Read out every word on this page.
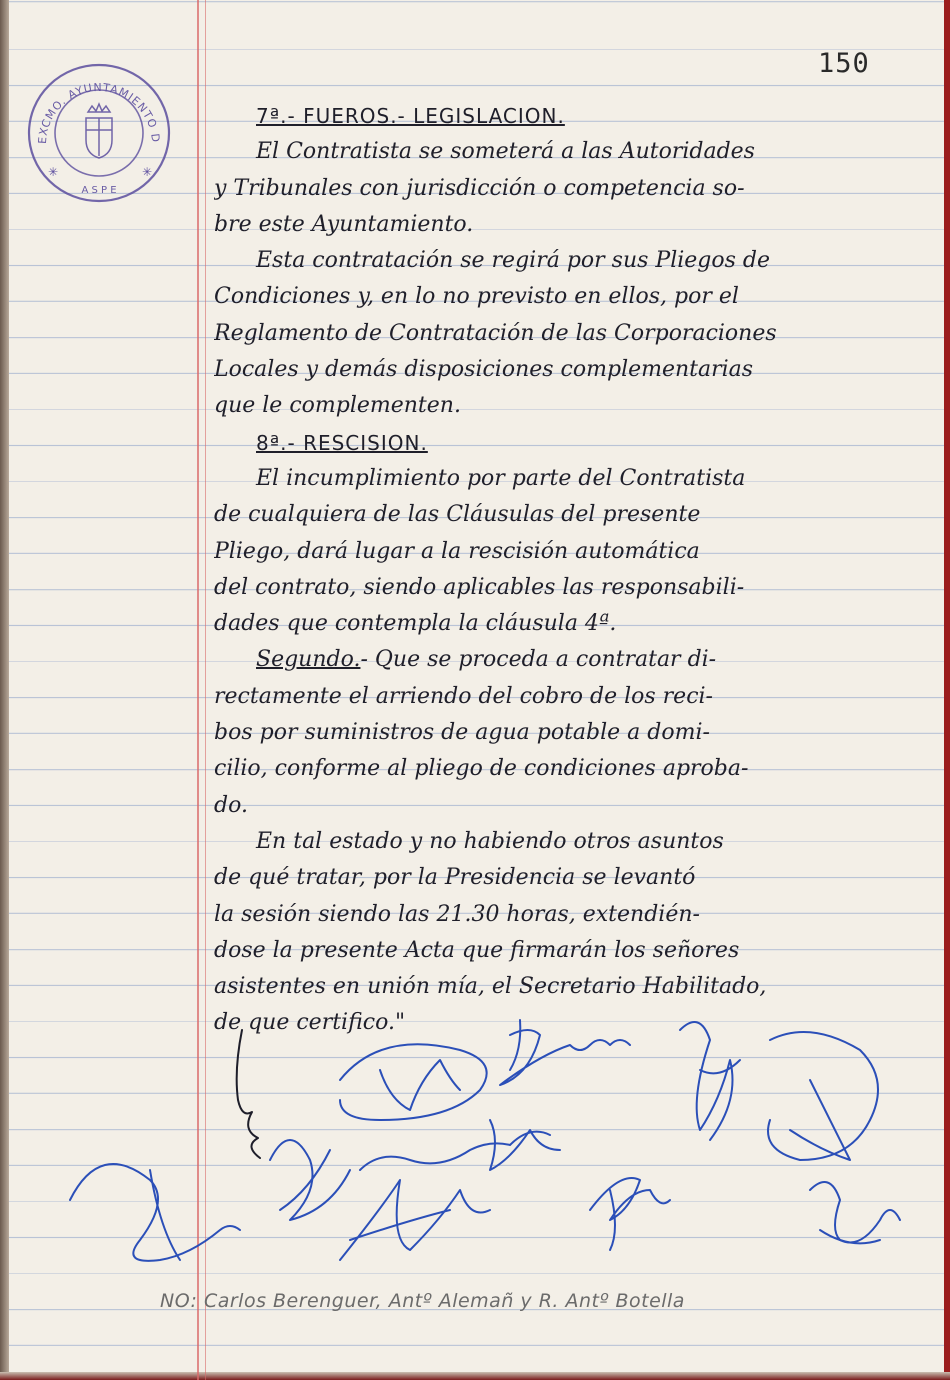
EXCMO. AYUNTAMIENTO D
A S P E
✳	✳
150
7ª.- FUEROS.- LEGISLACION.
El Contratista se someterá a las Autoridades
y Tribunales con jurisdicción o competencia so-
bre este Ayuntamiento.
Esta contratación se regirá por sus Pliegos de
Condiciones y, en lo no previsto en ellos, por el
Reglamento de Contratación de las Corporaciones
Locales y demás disposiciones complementarias
que le complementen.
8ª.- RESCISION.
El incumplimiento por parte del Contratista
de cualquiera de las Cláusulas del presente
Pliego, dará lugar a la rescisión automática
del contrato, siendo aplicables las responsabili-
dades que contempla la cláusula 4ª.
Segundo.- Que se proceda a contratar di-
rectamente el arriendo del cobro de los reci-
bos por suministros de agua potable a domi-
cilio, conforme al pliego de condiciones aproba-
do.
En tal estado y no habiendo otros asuntos
de qué tratar, por la Presidencia se levantó
la sesión siendo las 21.30 horas, extendién-
dose la presente Acta que firmarán los señores
asistentes en unión mía, el Secretario Habilitado,
de que certifico."
NO: Carlos Berenguer, Antº Alemañ y R. Antº Botella
